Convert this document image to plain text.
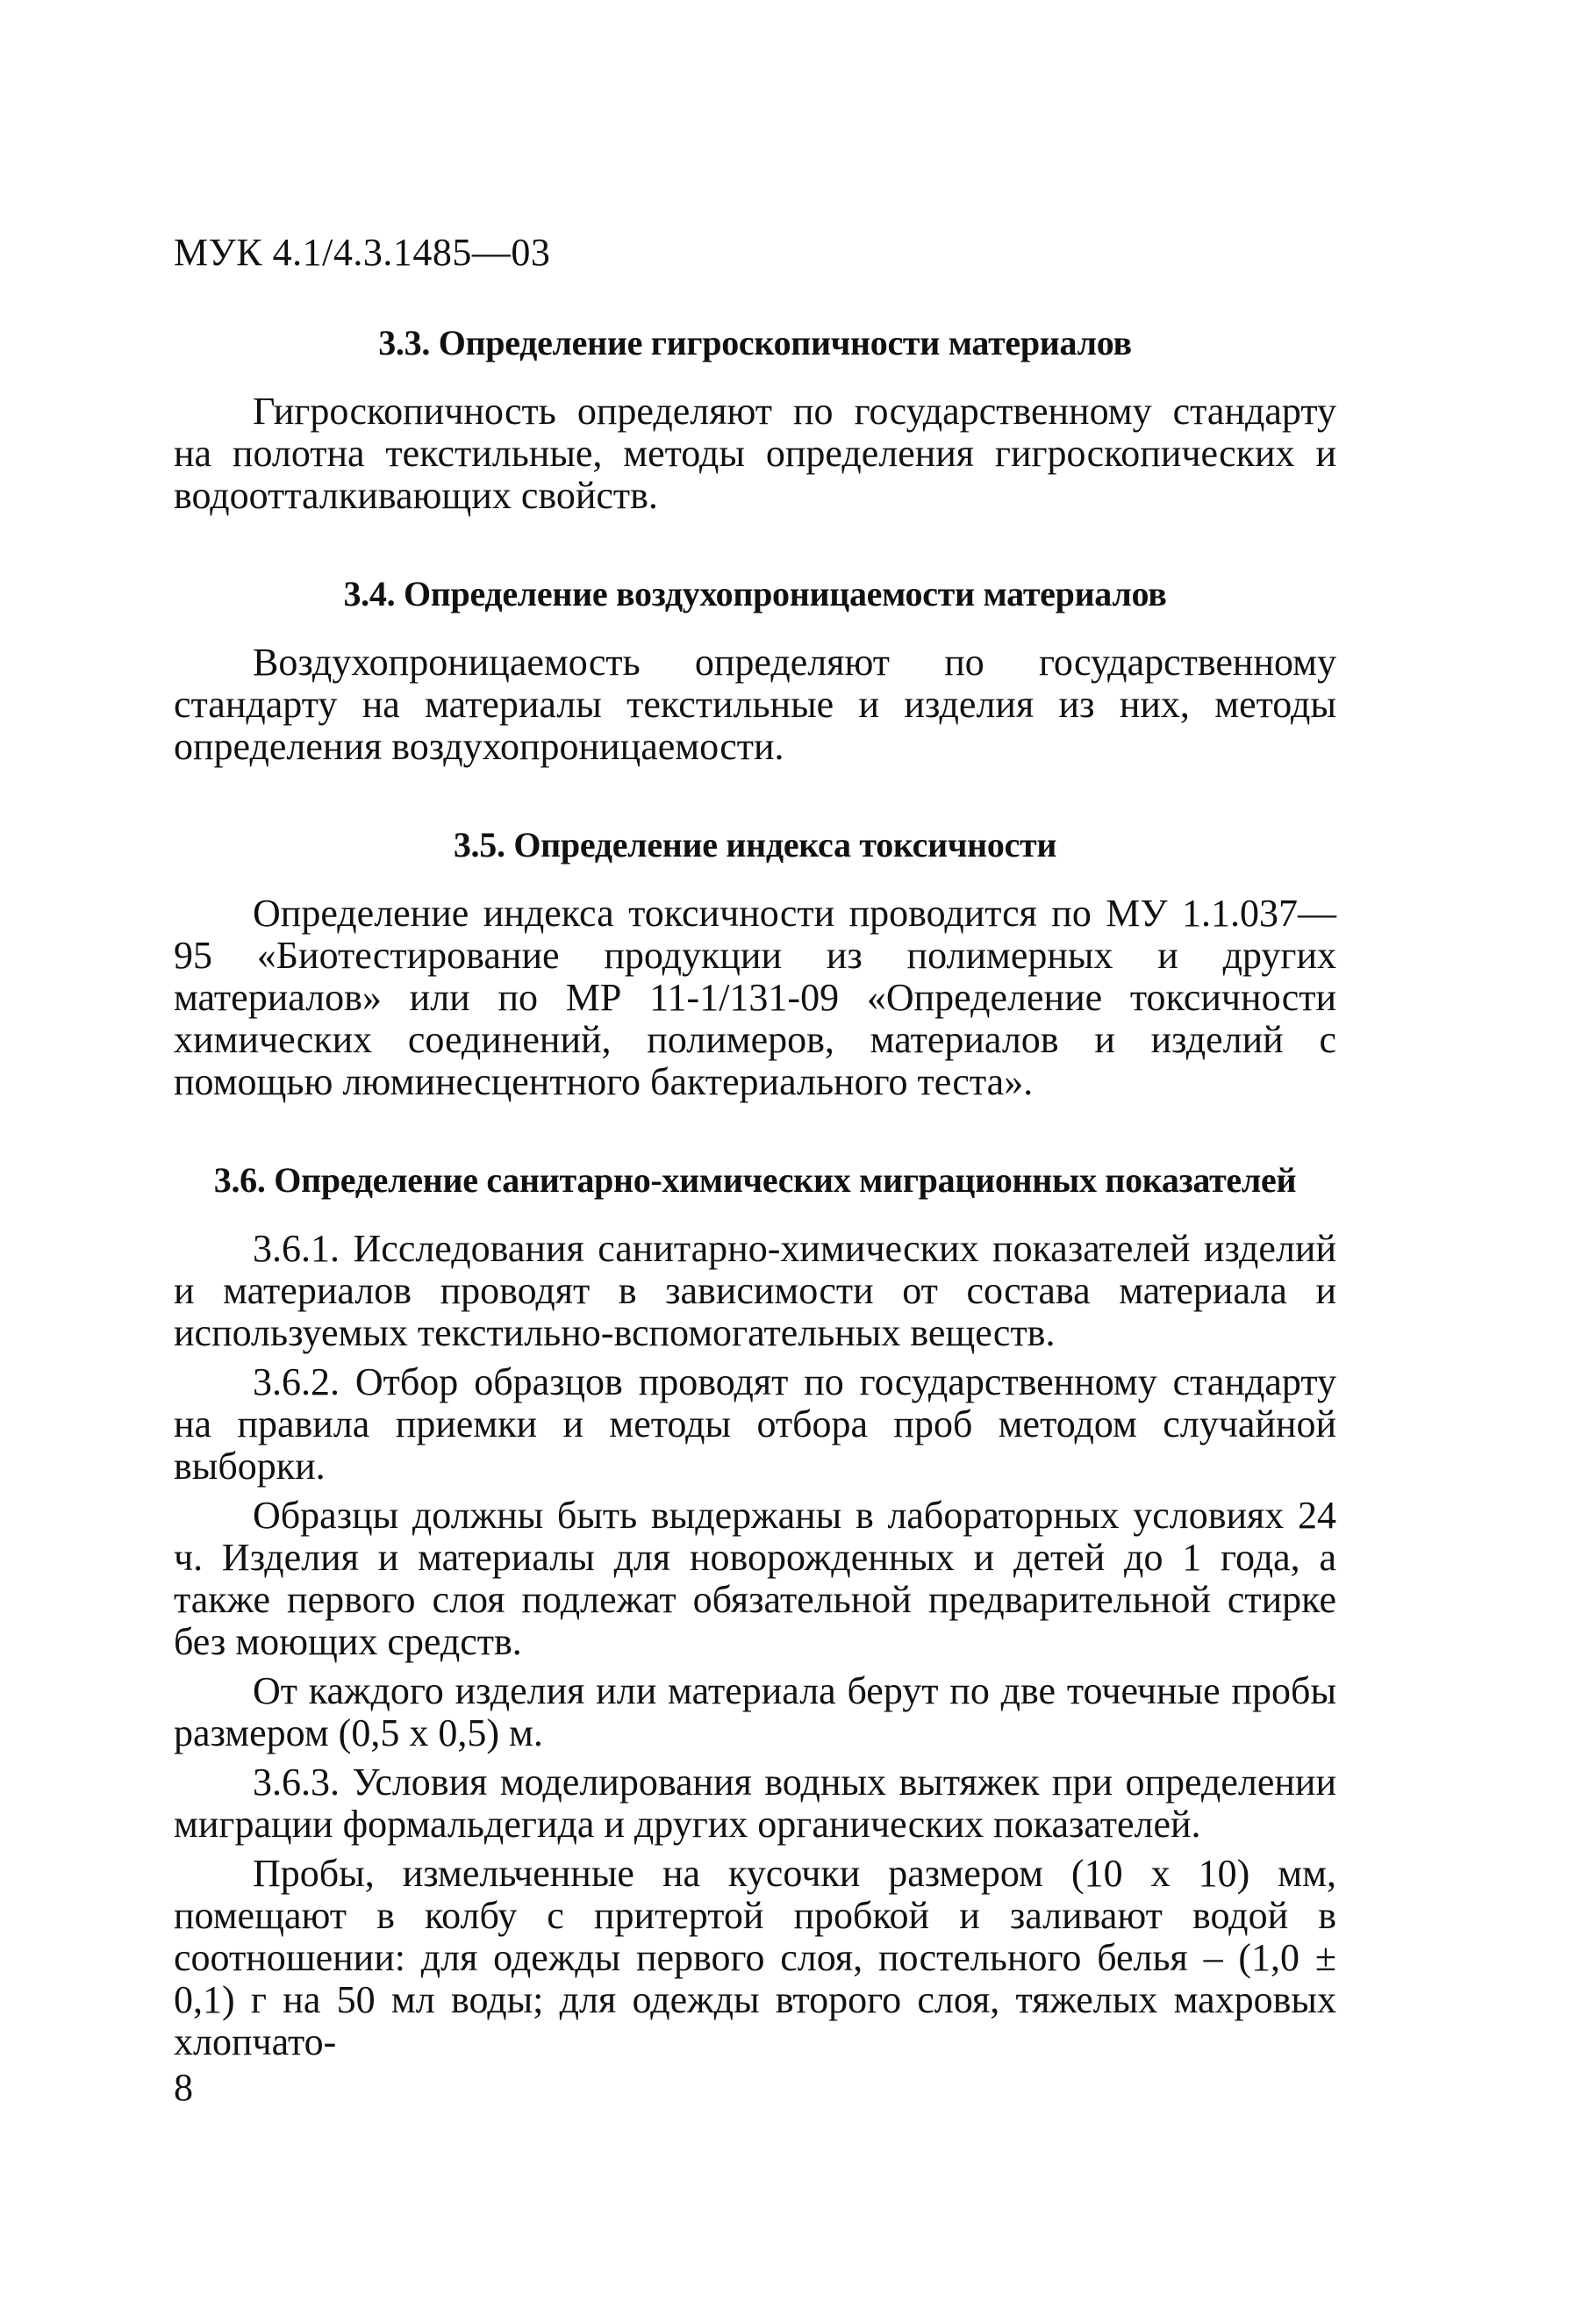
МУК 4.1/4.3.1485—03
3.3. Определение гигроскопичности материалов

Гигроскопичность определяют по государственному стандарту на полотна текстильные, методы определения гигроскопических и водоотталкивающих свойств.

3.4. Определение воздухопроницаемости материалов

Воздухопроницаемость определяют по государственному стандарту на материалы текстильные и изделия из них, методы определения воздухопроницаемости.

3.5. Определение индекса токсичности

Определение индекса токсичности проводится по МУ 1.1.037—95 «Биотестирование продукции из полимерных и других материалов» или по МР 11-1/131-09 «Определение токсичности химических соединений, полимеров, материалов и изделий с помощью люминесцентного бактериального теста».

3.6. Определение санитарно-химических миграционных показателей

3.6.1. Исследования санитарно-химических показателей изделий и материалов проводят в зависимости от состава материала и используемых текстильно-вспомогательных веществ.

3.6.2. Отбор образцов проводят по государственному стандарту на правила приемки и методы отбора проб методом случайной выборки.

Образцы должны быть выдержаны в лабораторных условиях 24 ч. Изделия и материалы для новорожденных и детей до 1 года, а также первого слоя подлежат обязательной предварительной стирке без моющих средств.

От каждого изделия или материала берут по две точечные пробы размером (0,5 х 0,5) м.

3.6.3. Условия моделирования водных вытяжек при определении миграции формальдегида и других органических показателей.

Пробы, измельченные на кусочки размером (10 х 10) мм, помещают в колбу с притертой пробкой и заливают водой в соотношении: для одежды первого слоя, постельного белья – (1,0 ± 0,1) г на 50 мл воды; для одежды второго слоя, тяжелых махровых хлопчато-

8
